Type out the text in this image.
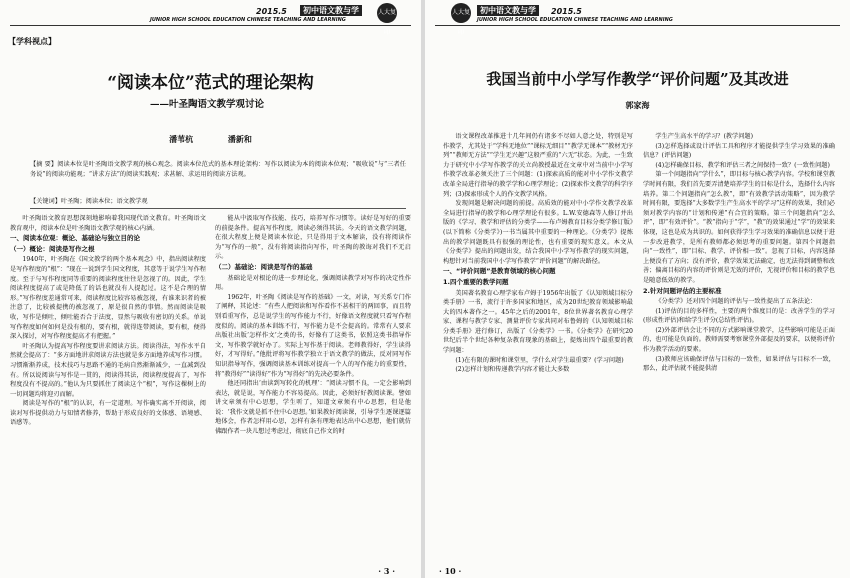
2015.5	初中语文教与学	人大复印
JUNIOR HIGH SCHOOL EDUCATION CHINESE TEACHING AND LEARNING
【学科视点】
“阅读本位”范式的理论架构
——叶圣陶语文教学观讨论
潘苇杭	潘新和
【摘 要】阅读本位是叶圣陶语文教学观的核心观念。阅读本位范式的基本理论架构：写作以阅读为本的阅读本位观；“吸收说”与“三者任务说”的阅读功能观；“讲求方法”的阅读实践观；求甚解、求运用的阅读方法观。
【关键词】叶圣陶；阅读本位；语文教学观

叶圣陶语文教育思想深刻地影响着我国现代语文教育。叶圣陶语文教育观中，阅读本位是叶圣陶语文教学观的核心内涵。

一、阅读本位观：概论、基础论与独立目的论
（一）概论：阅读是写作之根

1940年，叶圣陶在《国文教学的两个基本观念》中，指出阅读程度是写作程度的“根”：“现在一说到学生国文程度，其意等于说学生写作程度。至于与写作程度同等重要的阅读程度往往是忽视了的。因此，学生阅读程度提高了或是降低了的话也就没有人提起过。这不是合理的情形。”写作程度差通常可来，阅读程度比较容易被忽视，有谁来识者的被注意了，比较被提携的被忽视了，原是很自然的事情。然而阅读是吸收，写作是倾吐，倾吐能否合于法度，显然与吸收有密切的关系。单说写作程度如何如何是没有根的，要有根，就得连带阅读，要有根，便得深入探讨，对写作程度提高才有把握。”

叶圣陶认为提高写作程度要讲求阅读方法。阅读得法，写作水平自然就会提高了：“多方面地讲求阅读方法也就是多方面地养成写作习惯。习惯渐渐养成，技术技巧与思路不通的毛病自然渐渐减少，一直减到没有。所以说阅读与写作是一贯的，阅读得其法，阅读程度提高了，写作程度没有不提高的。”他认为只要抓住了阅读这个“根”，写作这棵树上的一切问题均将迎刃而解。

阅读是写作的“根”的认识，有一定道理。写作确实离不开阅读，阅读对写作提供动力与知情者修养，帮助于形成良好的文体感、语境感、语感等。

能从中汲取写作技能、技巧，培养写作习惯等。读好是写好的重要的前提条件。提高写作程度，阅读必须得其法。今天的语文教学问题，在很大程度上便是阅读本位论，只是得用于文本解读，没有将阅读作为“写作的一般”，没有将阅读指向写作，叶圣陶的教诲对我们不无启示。

（二）基础论：阅读是写作的基础

基础论是对根论的进一步理论化，强调阅读教学对写作的决定性作用。

1962年，叶圣陶《阅读是写作的基础》一文，对读，写关系专门作了阐释，其论述：“有些人把阅读和写作看作不甚相干的两回事，而且特别看重写作，总是说学生的写作能力不行，好像语文程度就只看写作程度似的。阅读的基本训练不行，写作能力是不会提高的。常常有人要求出版社出版‘怎样作文’之类的书，好像有了这类书，依照这类书指导作文，写作教学就好办了。实际上写作基于阅读。老师教得好，学生读得好，才写得好。”他批评将写作教学独立于语文教学的做法，反对同写作知识指导写作，强调阅读基本训练对提高一个人的写作能力的重要性，将“教得好”“读得好”作为“写得好”的先决必要条件。

他还同指出‘由读到写转化的机理’：“阅读习惯不良，一定会影响到表达，就是说，写作能力不容易提高。因此，必须好好教阅读课。譬如讲文章须有中心思想，学生听了，知道文章须有中心思想，但是他说：‘我作文就是抓不住中心思想。’如果教好阅读课，引导学生逐课逐篇地体会，作者怎样用心思，怎样有条有理地表达出中心思想，他们就仿佛跟作者一块儿想过考虑过，彻底自己作文的时

· 3 ·
人大复印
初中语文教与学	2015.5
JUNIOR HIGH SCHOOL EDUCATION CHINESE TEACHING AND LEARNING
我国当前中小学写作教学“评价问题”及其改进
郭家海

语文课程改革推进十几年间仍有诸多不尽如人意之处，特别是写作教学，尤其处于“学科无地位”“课标无细目”“教学无课本”“教材无序列”“教师无方法”“学生无兴趣”这般严重的“六无”状态。为此，一生致力于研究中小学写作教学的关立尚教授最近在文章中对当前中小学写作教学改革必须关注了三个问题：(1)探索高质的能对中小学作文教学改革全局进行指导的教学学和心理学理论；(2)探索作文教学的科学序列；(3)探索形成个人的作文教学风格。

发现问题是解决问题的前提。高质效的能对中小学作文教学改革全局进行指导的教学和心理学理论有很多。L.W.安德森等人修订并出版的《学习、教学和评估的分类学——布卢姆教育目标分类学修订版》(以下简称《分类学》)一书当属其中重要的一种理论。《分类学》提炼出的教学问题既具有很强的理论性，也有重要的现实意义。本文从《分类学》提出的问题出发，结合我国中小学写作教学的现实问题，构想针对当前我国中小学写作教学“评价问题”的解决路径。

一、“评价问题”是教育领域的核心问题
1.四个重要的教学问题

美国著名教育心理学家布卢姆于1956年出版了《认知领域目标分类手册》一书，流行于许多国家和地区，成为20世纪教育领域影响最大的四本著作之一。45年之后的2001年，8位世界著名教育心理学家、课程与教学专家、测量评价专家共同对布鲁姆的《认知领域目标分类手册》进行修订，出版了《分类学》一书。《分类学》在研究20世纪后半个世纪各种复杂教育现象的基础上，提炼出四个最重要的教学问题：

(1)在有限的课时和课堂里，学什么对学生最重要？(学习问题)

(2)怎样计划和传递教学内容才能让大多数

学生产生高水平的学习？(教学问题)

(3)怎样选择或设计评估工具和程序才能提供学生学习效果的准确信息？(评估问题)

(4)怎样确保目标、教学和评估三者之间保持一致？(一致性问题)

第一个问题指向“学什么”，即目标与核心教学内容。学校和课堂教学时间有限，我们首先要弄清楚培养学生的目标是什么，选择什么内容培养。第二个问题指向“怎么教”，即“有效教学活动策略”，因为教学时间有限，要选择“大多数学生产生高水平的学习”这样的效果，我们必须对教学内容的“计划和传递”有合宜的策略。第三个问题指向“怎么评”，即“有效评价”。“教”指向于“学”，“教”的效果通过“学”的效果来体现，这也是成为共识的。如何获得学生学习效果的准确信息以便于进一步改进教学，是所有教师都必须思考的重要问题。第四个问题指向“一致性”，即“目标、教学、评价相一致”。忽视了目标，内容选择上便没有了方向；没有评价，教学效果无法确定，也无法得到调整和改善；偏离目标的内容的评价则是无效的评价，无视评价和目标的教学也是随意低效的教学。

2.针对问题评估的主要标准

《分类学》还对四个问题的评估与一致性提出了五条法论：

(1)评估的目的多样性，主要的两个维度目的是：改善学生的学习(形成性评估)和给学生评分(总结性评估)。

(2)外部评估会让不同的方式影响课堂教学，这些影响可能是正面的，也可能是负面的。教师需要考察课堂外部提及的要求，以便将评价作为教学活动的要素。

(3)教师应该确保评估与目标的一致性，如果评估与目标不一致，那么，此评估就不能提供清

· 10 ·
